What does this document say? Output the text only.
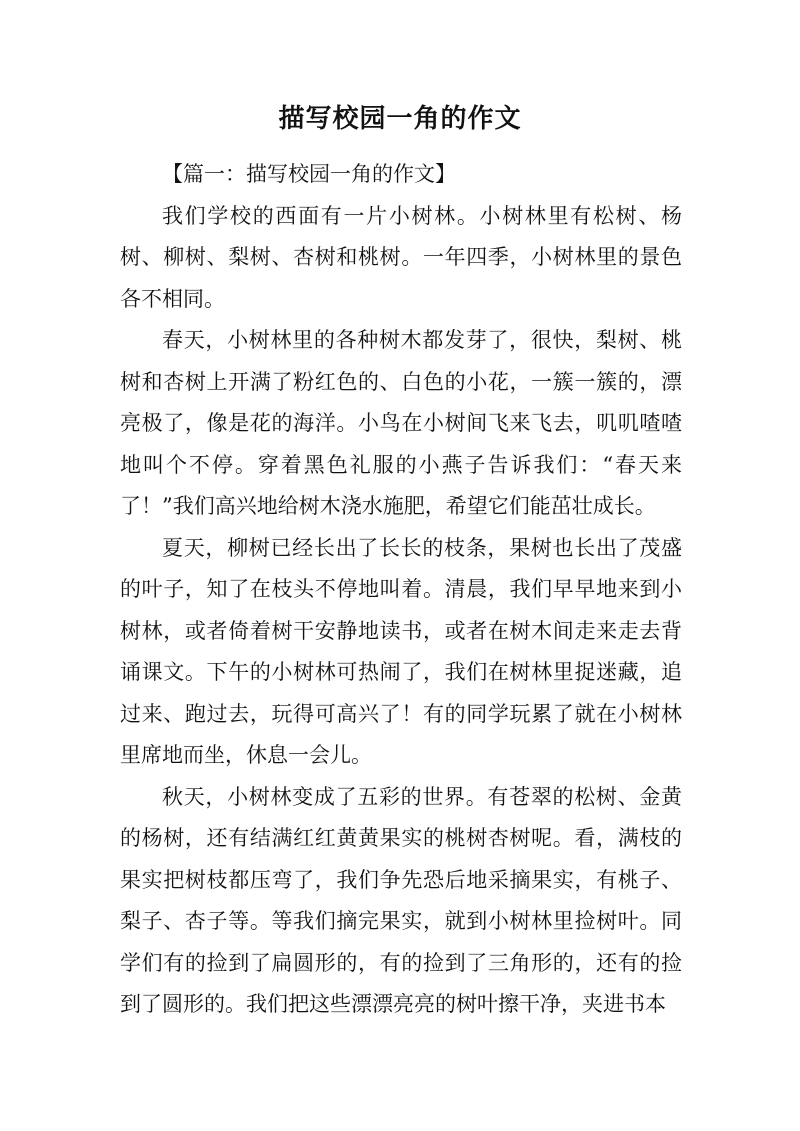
描写校园一角的作文

【篇一：描写校园一角的作文】

我们学校的西面有一片小树林。小树林里有松树、杨树、柳树、梨树、杏树和桃树。一年四季，小树林里的景色各不相同。

春天，小树林里的各种树木都发芽了，很快，梨树、桃树和杏树上开满了粉红色的、白色的小花，一簇一簇的，漂亮极了，像是花的海洋。小鸟在小树间飞来飞去，叽叽喳喳地叫个不停。穿着黑色礼服的小燕子告诉我们：“春天来了！”我们高兴地给树木浇水施肥，希望它们能茁壮成长。

夏天，柳树已经长出了长长的枝条，果树也长出了茂盛的叶子，知了在枝头不停地叫着。清晨，我们早早地来到小树林，或者倚着树干安静地读书，或者在树木间走来走去背诵课文。下午的小树林可热闹了，我们在树林里捉迷藏，追过来、跑过去，玩得可高兴了！有的同学玩累了就在小树林里席地而坐，休息一会儿。

秋天，小树林变成了五彩的世界。有苍翠的松树、金黄的杨树，还有结满红红黄黄果实的桃树杏树呢。看，满枝的果实把树枝都压弯了，我们争先恐后地采摘果实，有桃子、梨子、杏子等。等我们摘完果实，就到小树林里捡树叶。同学们有的捡到了扁圆形的，有的捡到了三角形的，还有的捡到了圆形的。我们把这些漂漂亮亮的树叶擦干净，夹进书本
